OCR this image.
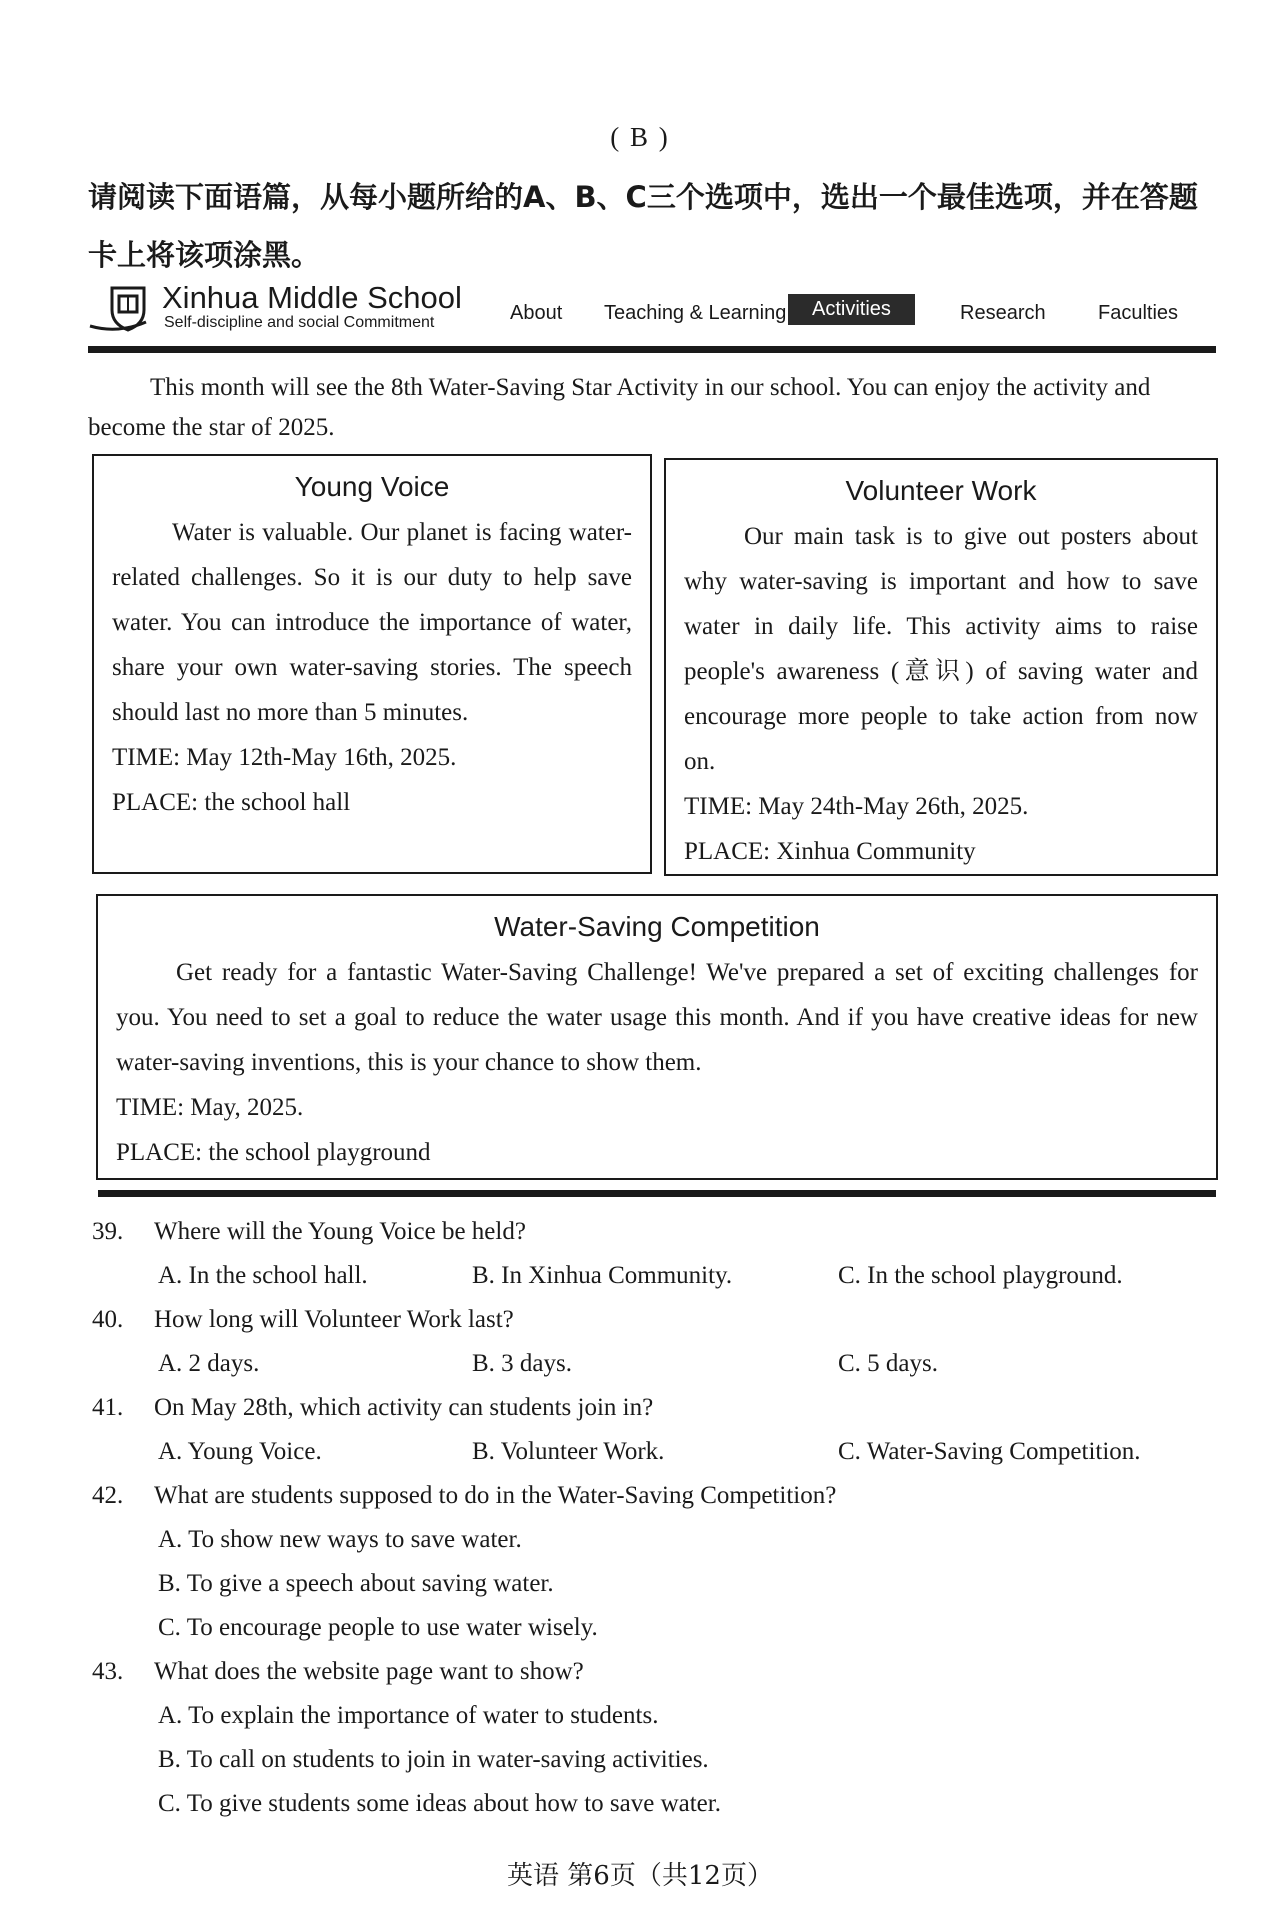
( B )
请阅读下面语篇，从每小题所给的A、B、C三个选项中，选出一个最佳选项，并在答题卡上将该项涂黑。
Xinhua Middle School
Self-discipline and social Commitment	About Teaching & Learning	Activities	Research	Faculties
This month will see the 8th Water-Saving Star Activity in our school. You can enjoy the activity and become the star of 2025.
Young Voice
Water is valuable. Our planet is facing water-related challenges. So it is our duty to help save water. You can introduce the importance of water, share your own water-saving stories. The speech should last no more than 5 minutes.

TIME: May 12th-May 16th, 2025.

PLACE: the school hall

Volunteer Work
Our main task is to give out posters about why water-saving is important and how to save water in daily life. This activity aims to raise people's awareness (意识) of saving water and encourage more people to take action from now on.

TIME: May 24th-May 26th, 2025.

PLACE: Xinhua Community

Water-Saving Competition
Get ready for a fantastic Water-Saving Challenge! We've prepared a set of exciting challenges for you. You need to set a goal to reduce the water usage this month. And if you have creative ideas for new water-saving inventions, this is your chance to show them.

TIME: May, 2025.

PLACE: the school playground

39. Where will the Young Voice be held?
A. In the school hall.	B. In Xinhua Community.	C. In the school playground.
40. How long will Volunteer Work last?
A. 2 days.	B. 3 days.	C. 5 days.
41. On May 28th, which activity can students join in?
A. Young Voice.	B. Volunteer Work.	C. Water-Saving Competition.
42. What are students supposed to do in the Water-Saving Competition?
A. To show new ways to save water.
B. To give a speech about saving water.
C. To encourage people to use water wisely.
43. What does the website page want to show?
A. To explain the importance of water to students.
B. To call on students to join in water-saving activities.
C. To give students some ideas about how to save water.
英语 第6页（共12页）
